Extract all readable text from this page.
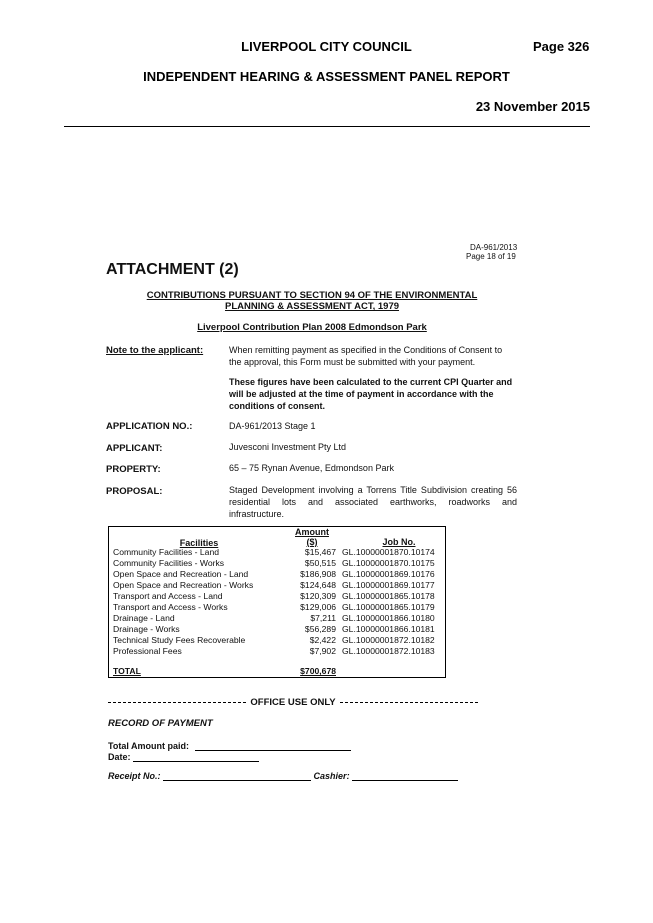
LIVERPOOL CITY COUNCIL	Page 326
INDEPENDENT HEARING & ASSESSMENT PANEL REPORT
23 November 2015
DA-961/2013
Page 18 of 19
ATTACHMENT (2)
CONTRIBUTIONS PURSUANT TO SECTION 94 OF THE ENVIRONMENTAL
PLANNING & ASSESSMENT ACT, 1979
Liverpool Contribution Plan 2008 Edmondson Park
Note to the applicant:	When remitting payment as specified in the Conditions of Consent to the approval, this Form must be submitted with your payment.
These figures have been calculated to the current CPI Quarter and will be adjusted at the time of payment in accordance with the conditions of consent.
APPLICATION NO.:	DA-961/2013 Stage 1
APPLICANT:	Juvesconi Investment Pty Ltd
PROPERTY:	65 – 75 Rynan Avenue, Edmondson Park
PROPOSAL:	Staged Development involving a Torrens Title Subdivision creating 56 residential lots and associated earthworks, roadworks and infrastructure.
Amount
Facilities	($)	Job No.
Community Facilities - Land	$15,467 GL.10000001870.10174
Community Facilities - Works	$50,515 GL.10000001870.10175
Open Space and Recreation - Land	$186,908 GL.10000001869.10176
Open Space and Recreation - Works	$124,648 GL.10000001869.10177
Transport and Access - Land	$120,309 GL.10000001865.10178
Transport and Access - Works	$129,006 GL.10000001865.10179
Drainage - Land	$7,211 GL.10000001866.10180
Drainage - Works	$56,289 GL.10000001866.10181
Technical Study Fees Recoverable	$2,422 GL.10000001872.10182
Professional Fees	$7,902 GL.10000001872.10183
TOTAL	$700,678
OFFICE USE ONLY
RECORD OF PAYMENT
Total Amount paid:
Date:
Receipt No.:	Cashier:
